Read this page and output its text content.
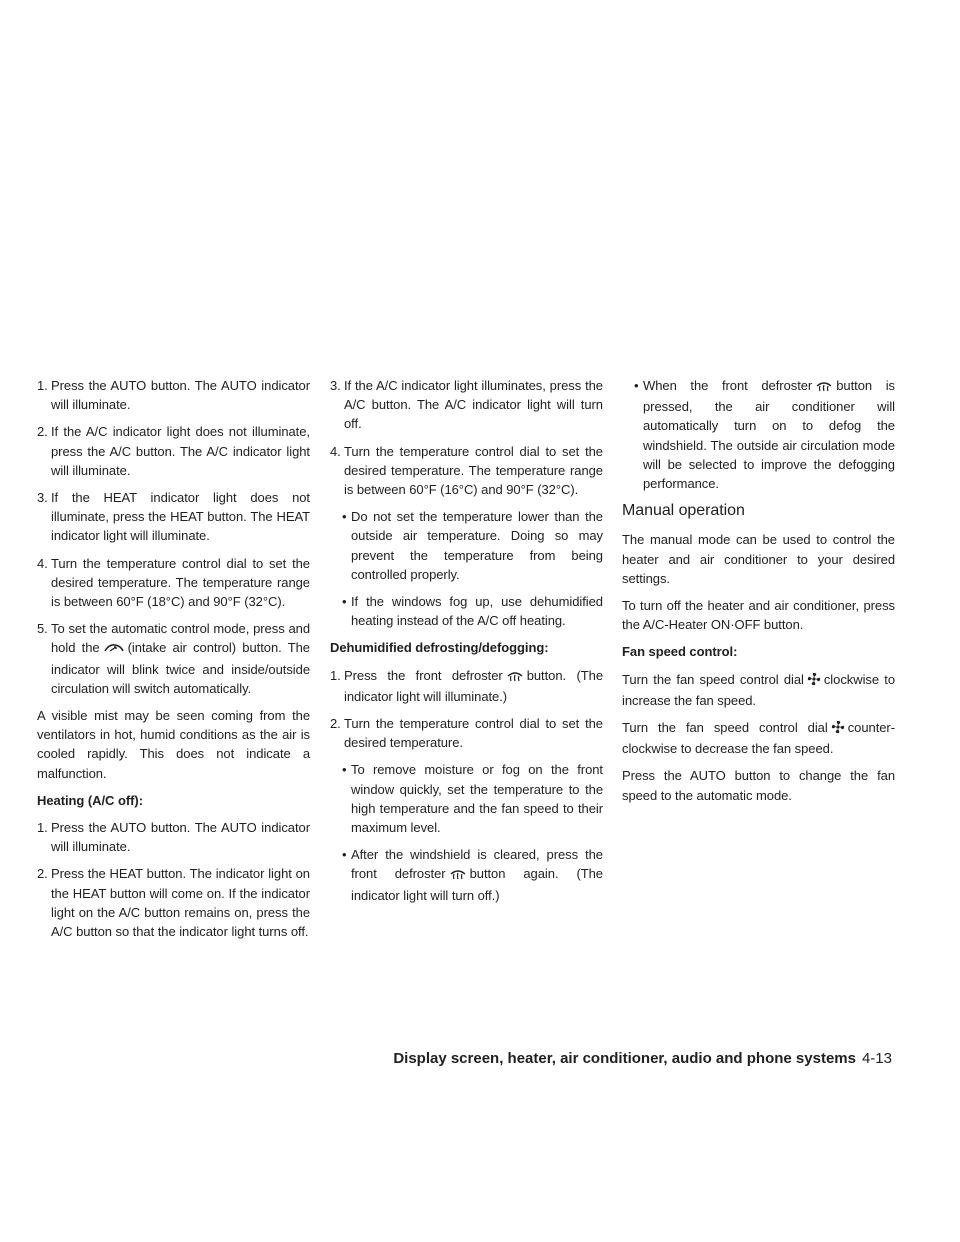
1. Press the AUTO button. The AUTO indicator will illuminate.
2. If the A/C indicator light does not illuminate, press the A/C button. The A/C indicator light will illuminate.
3. If the HEAT indicator light does not illuminate, press the HEAT button. The HEAT indicator light will illuminate.
4. Turn the temperature control dial to set the desired temperature. The temperature range is between 60°F (18°C) and 90°F (32°C).
5. To set the automatic control mode, press and hold the (intake air control) button. The indicator will blink twice and inside/outside circulation will switch automatically.

A visible mist may be seen coming from the ventilators in hot, humid conditions as the air is cooled rapidly. This does not indicate a malfunction.

Heating (A/C off):
1. Press the AUTO button. The AUTO indicator will illuminate.
2. Press the HEAT button. The indicator light on the HEAT button will come on. If the indicator light on the A/C button remains on, press the A/C button so that the indicator light turns off.
3. If the A/C indicator light illuminates, press the A/C button. The A/C indicator light will turn off.
4. Turn the temperature control dial to set the desired temperature. The temperature range is between 60°F (16°C) and 90°F (32°C).
• Do not set the temperature lower than the outside air temperature. Doing so may prevent the temperature from being controlled properly.
• If the windows fog up, use dehumidified heating instead of the A/C off heating.
Dehumidified defrosting/defogging:
1. Press the front defroster button. (The indicator light will illuminate.)
2. Turn the temperature control dial to set the desired temperature.
• To remove moisture or fog on the front window quickly, set the temperature to the high temperature and the fan speed to their maximum level.
• After the windshield is cleared, press the front defroster button again. (The indicator light will turn off.)
• When the front defroster button is pressed, the air conditioner will automatically turn on to defog the windshield. The outside air circulation mode will be selected to improve the defogging performance.
Manual operation

The manual mode can be used to control the heater and air conditioner to your desired settings.

To turn off the heater and air conditioner, press the A/C-Heater ON·OFF button.

Fan speed control:

Turn the fan speed control dial clockwise to increase the fan speed.

Turn the fan speed control dial counter-clockwise to decrease the fan speed.

Press the AUTO button to change the fan speed to the automatic mode.

Display screen, heater, air conditioner, audio and phone systems 4-13
